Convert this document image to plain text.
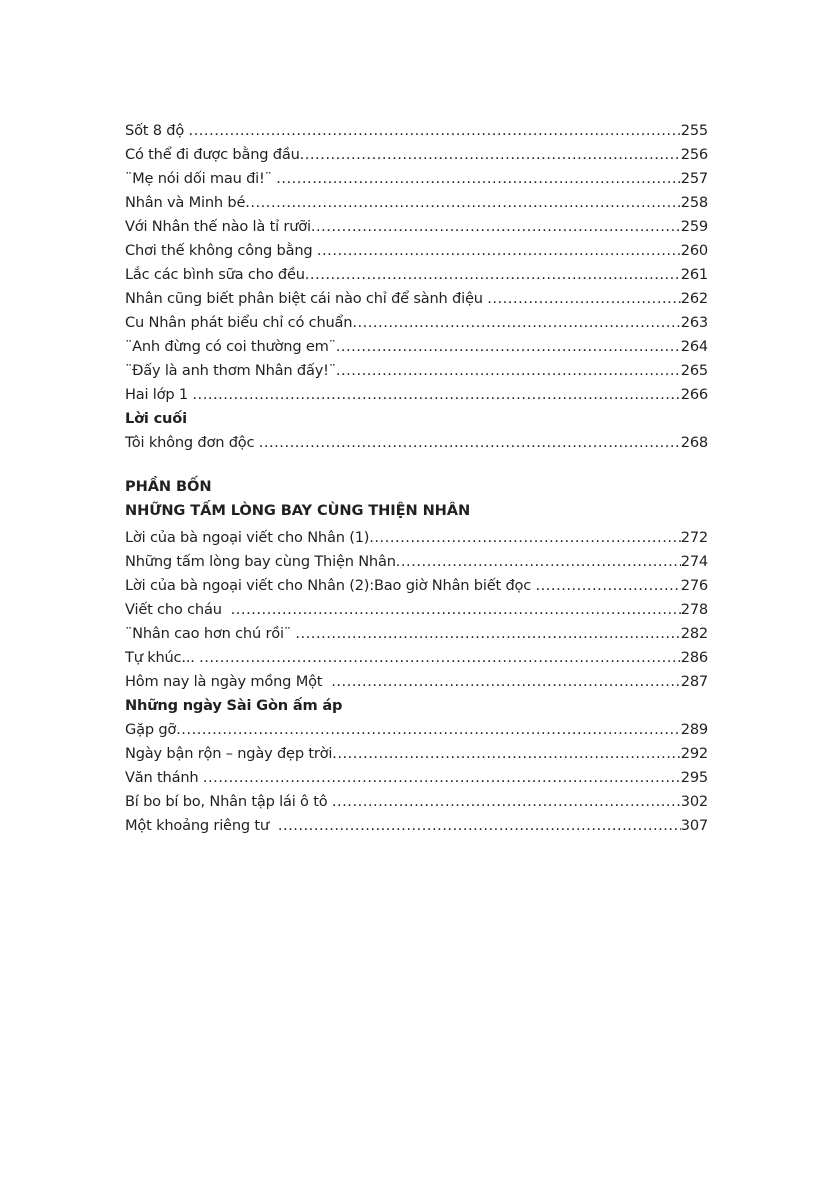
Sốt 8 độ .....	255
Có thể đi được bằng đầu .....	256
¨Mẹ nói dối mau đi!¨ .....	257
Nhân và Minh bé .....	258
Với Nhân thế nào là tỉ rưỡi .....	259
Chơi thế không công bằng .....	260
Lắc các bình sữa cho đều .....	261
Nhân cũng biết phân biệt cái nào chỉ để sành điệu .....	262
Cu Nhân phát biểu chỉ có chuẩn .....	263
¨Anh đừng có coi thường em¨ .....	264
¨Đấy là anh thơm Nhân đấy!¨ .....	265
Hai lớp 1 .....	266
Lời cuối
Tôi không đơn độc .....	268
PHẦN BỐN
NHỮNG TẤM LÒNG BAY CÙNG THIỆN NHÂN
Lời của bà ngoại viết cho Nhân (1) .....	272
Những tấm lòng bay cùng Thiện Nhân .....	274
Lời của bà ngoại viết cho Nhân (2):Bao giờ Nhân biết đọc .....	276
Viết cho cháu .....	278
¨Nhân cao hơn chú rồi¨ .....	282
Tự khúc... .....	286
Hôm nay là ngày mồng Một .....	287
Những ngày Sài Gòn ấm áp
Gặp gỡ .....	289
Ngày bận rộn – ngày đẹp trời .....	292
Văn thánh .....	295
Bí bo bí bo, Nhân tập lái ô tô .....	302
Một khoảng riêng tư .....	307
